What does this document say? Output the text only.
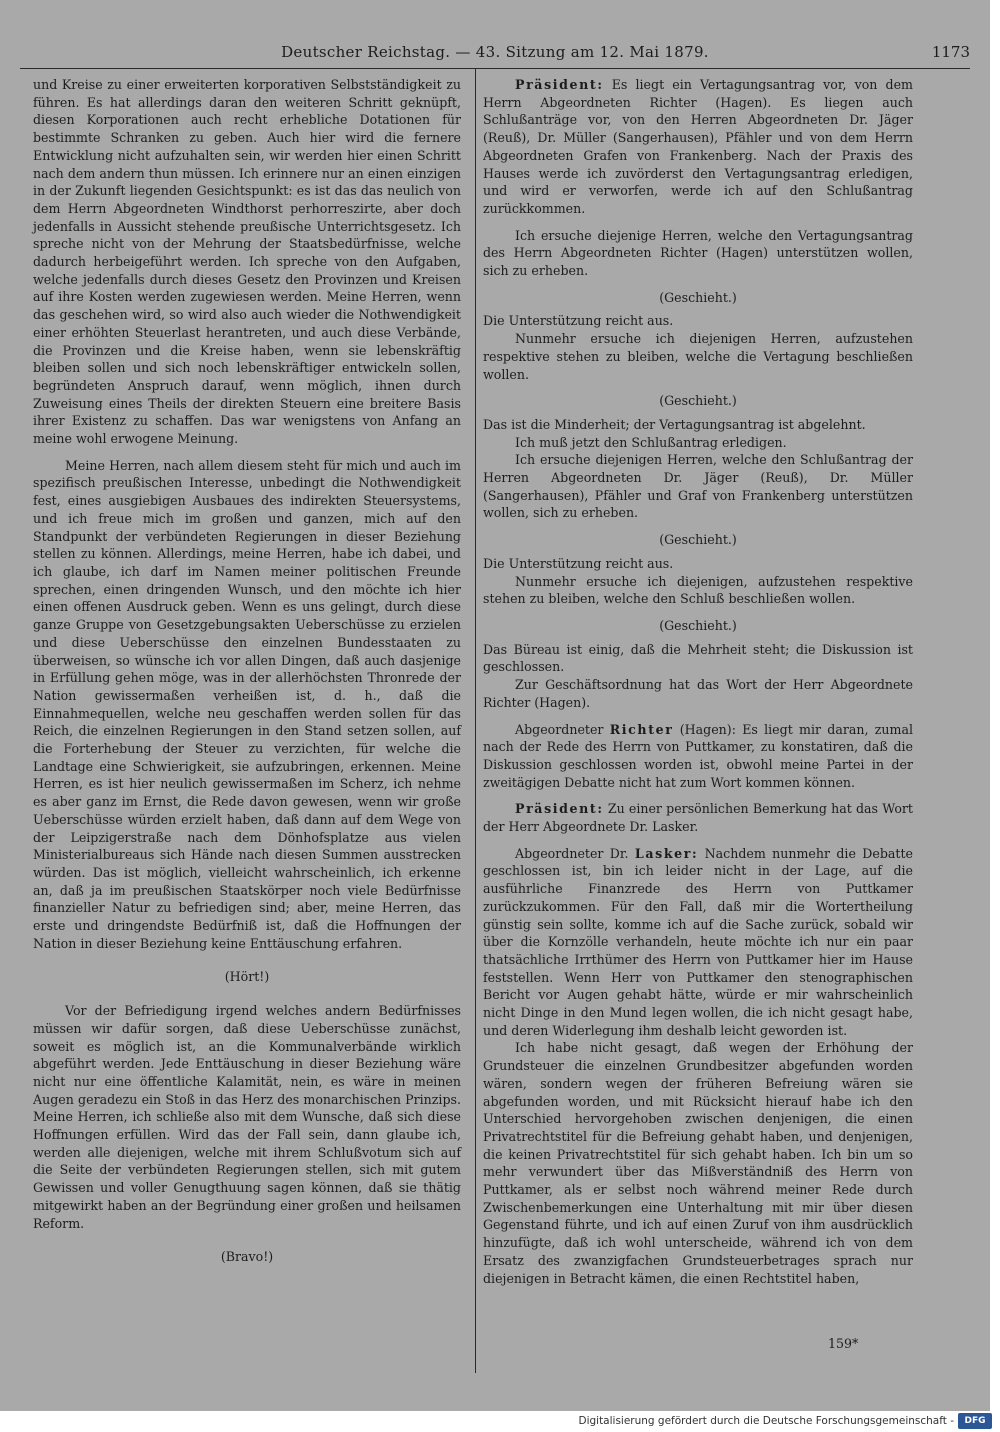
Deutscher Reichstag. — 43. Sitzung am 12. Mai 1879.	1173

und Kreise zu einer erweiterten korporativen Selbstständigkeit zu führen. Es hat allerdings daran den weiteren Schritt geknüpft, diesen Korporationen auch recht erhebliche Dotationen für bestimmte Schranken zu geben. Auch hier wird die fernere Entwicklung nicht aufzuhalten sein, wir werden hier einen Schritt nach dem andern thun müssen. Ich erinnere nur an einen einzigen in der Zukunft liegenden Gesichtspunkt: es ist das das neulich von dem Herrn Abgeordneten Windthorst perhorreszirte, aber doch jedenfalls in Aussicht stehende preußische Unterrichtsgesetz. Ich spreche nicht von der Mehrung der Staatsbedürfnisse, welche dadurch herbeigeführt werden. Ich spreche von den Aufgaben, welche jedenfalls durch dieses Gesetz den Provinzen und Kreisen auf ihre Kosten werden zugewiesen werden. Meine Herren, wenn das geschehen wird, so wird also auch wieder die Nothwendigkeit einer erhöhten Steuerlast herantreten, und auch diese Verbände, die Provinzen und die Kreise haben, wenn sie lebenskräftig bleiben sollen und sich noch lebenskräftiger entwickeln sollen, begründeten Anspruch darauf, wenn möglich, ihnen durch Zuweisung eines Theils der direkten Steuern eine breitere Basis ihrer Existenz zu schaffen. Das war wenigstens von Anfang an meine wohl erwogene Meinung.

Meine Herren, nach allem diesem steht für mich und auch im spezifisch preußischen Interesse, unbedingt die Nothwendigkeit fest, eines ausgiebigen Ausbaues des indirekten Steuersystems, und ich freue mich im großen und ganzen, mich auf den Standpunkt der verbündeten Regierungen in dieser Beziehung stellen zu können. Allerdings, meine Herren, habe ich dabei, und ich glaube, ich darf im Namen meiner politischen Freunde sprechen, einen dringenden Wunsch, und den möchte ich hier einen offenen Ausdruck geben. Wenn es uns gelingt, durch diese ganze Gruppe von Gesetzgebungsakten Ueberschüsse zu erzielen und diese Ueberschüsse den einzelnen Bundesstaaten zu überweisen, so wünsche ich vor allen Dingen, daß auch dasjenige in Erfüllung gehen möge, was in der allerhöchsten Thronrede der Nation gewissermaßen verheißen ist, d. h., daß die Einnahmequellen, welche neu geschaffen werden sollen für das Reich, die einzelnen Regierungen in den Stand setzen sollen, auf die Forterhebung der Steuer zu verzichten, für welche die Landtage eine Schwierigkeit, sie aufzubringen, erkennen. Meine Herren, es ist hier neulich gewissermaßen im Scherz, ich nehme es aber ganz im Ernst, die Rede davon gewesen, wenn wir große Ueberschüsse würden erzielt haben, daß dann auf dem Wege von der Leipzigerstraße nach dem Dönhofsplatze aus vielen Ministerialbureaus sich Hände nach diesen Summen ausstrecken würden. Das ist möglich, vielleicht wahrscheinlich, ich erkenne an, daß ja im preußischen Staatskörper noch viele Bedürfnisse finanzieller Natur zu befriedigen sind; aber, meine Herren, das erste und dringendste Bedürfniß ist, daß die Hoffnungen der Nation in dieser Beziehung keine Enttäuschung erfahren.

(Hört!)

Vor der Befriedigung irgend welches andern Bedürfnisses müssen wir dafür sorgen, daß diese Ueberschüsse zunächst, soweit es möglich ist, an die Kommunalverbände wirklich abgeführt werden. Jede Enttäuschung in dieser Beziehung wäre nicht nur eine öffentliche Kalamität, nein, es wäre in meinen Augen geradezu ein Stoß in das Herz des monarchischen Prinzips. Meine Herren, ich schließe also mit dem Wunsche, daß sich diese Hoffnungen erfüllen. Wird das der Fall sein, dann glaube ich, werden alle diejenigen, welche mit ihrem Schlußvotum sich auf die Seite der verbündeten Regierungen stellen, sich mit gutem Gewissen und voller Genugthuung sagen können, daß sie thätig mitgewirkt haben an der Begründung einer großen und heilsamen Reform.

(Bravo!)

Präsident: Es liegt ein Vertagungsantrag vor, von dem Herrn Abgeordneten Richter (Hagen). Es liegen auch Schlußanträge vor, von den Herren Abgeordneten Dr. Jäger (Reuß), Dr. Müller (Sangerhausen), Pfähler und von dem Herrn Abgeordneten Grafen von Frankenberg. Nach der Praxis des Hauses werde ich zuvörderst den Vertagungsantrag erledigen, und wird er verworfen, werde ich auf den Schlußantrag zurückkommen.

Ich ersuche diejenige Herren, welche den Vertagungsantrag des Herrn Abgeordneten Richter (Hagen) unterstützen wollen, sich zu erheben.

(Geschieht.)

Die Unterstützung reicht aus.

Nunmehr ersuche ich diejenigen Herren, aufzustehen respektive stehen zu bleiben, welche die Vertagung beschließen wollen.

(Geschieht.)

Das ist die Minderheit; der Vertagungsantrag ist abgelehnt.

Ich muß jetzt den Schlußantrag erledigen.

Ich ersuche diejenigen Herren, welche den Schlußantrag der Herren Abgeordneten Dr. Jäger (Reuß), Dr. Müller (Sangerhausen), Pfähler und Graf von Frankenberg unterstützen wollen, sich zu erheben.

(Geschieht.)

Die Unterstützung reicht aus.

Nunmehr ersuche ich diejenigen, aufzustehen respektive stehen zu bleiben, welche den Schluß beschließen wollen.

(Geschieht.)

Das Büreau ist einig, daß die Mehrheit steht; die Diskussion ist geschlossen.

Zur Geschäftsordnung hat das Wort der Herr Abgeordnete Richter (Hagen).

Abgeordneter Richter (Hagen): Es liegt mir daran, zumal nach der Rede des Herrn von Puttkamer, zu konstatiren, daß die Diskussion geschlossen worden ist, obwohl meine Partei in der zweitägigen Debatte nicht hat zum Wort kommen können.

Präsident: Zu einer persönlichen Bemerkung hat das Wort der Herr Abgeordnete Dr. Lasker.

Abgeordneter Dr. Lasker: Nachdem nunmehr die Debatte geschlossen ist, bin ich leider nicht in der Lage, auf die ausführliche Finanzrede des Herrn von Puttkamer zurückzukommen. Für den Fall, daß mir die Wortertheilung günstig sein sollte, komme ich auf die Sache zurück, sobald wir über die Kornzölle verhandeln, heute möchte ich nur ein paar thatsächliche Irrthümer des Herrn von Puttkamer hier im Hause feststellen. Wenn Herr von Puttkamer den stenographischen Bericht vor Augen gehabt hätte, würde er mir wahrscheinlich nicht Dinge in den Mund legen wollen, die ich nicht gesagt habe, und deren Widerlegung ihm deshalb leicht geworden ist.

Ich habe nicht gesagt, daß wegen der Erhöhung der Grundsteuer die einzelnen Grundbesitzer abgefunden worden wären, sondern wegen der früheren Befreiung wären sie abgefunden worden, und mit Rücksicht hierauf habe ich den Unterschied hervorgehoben zwischen denjenigen, die einen Privatrechtstitel für die Befreiung gehabt haben, und denjenigen, die keinen Privatrechtstitel für sich gehabt haben. Ich bin um so mehr verwundert über das Mißverständniß des Herrn von Puttkamer, als er selbst noch während meiner Rede durch Zwischenbemerkungen eine Unterhaltung mit mir über diesen Gegenstand führte, und ich auf einen Zuruf von ihm ausdrücklich hinzufügte, daß ich wohl unterscheide, während ich von dem Ersatz des zwanzigfachen Grundsteuerbetrages sprach nur diejenigen in Betracht kämen, die einen Rechtstitel haben,

159*
Digitalisierung gefördert durch die Deutsche Forschungsgemeinschaft -	DFG
